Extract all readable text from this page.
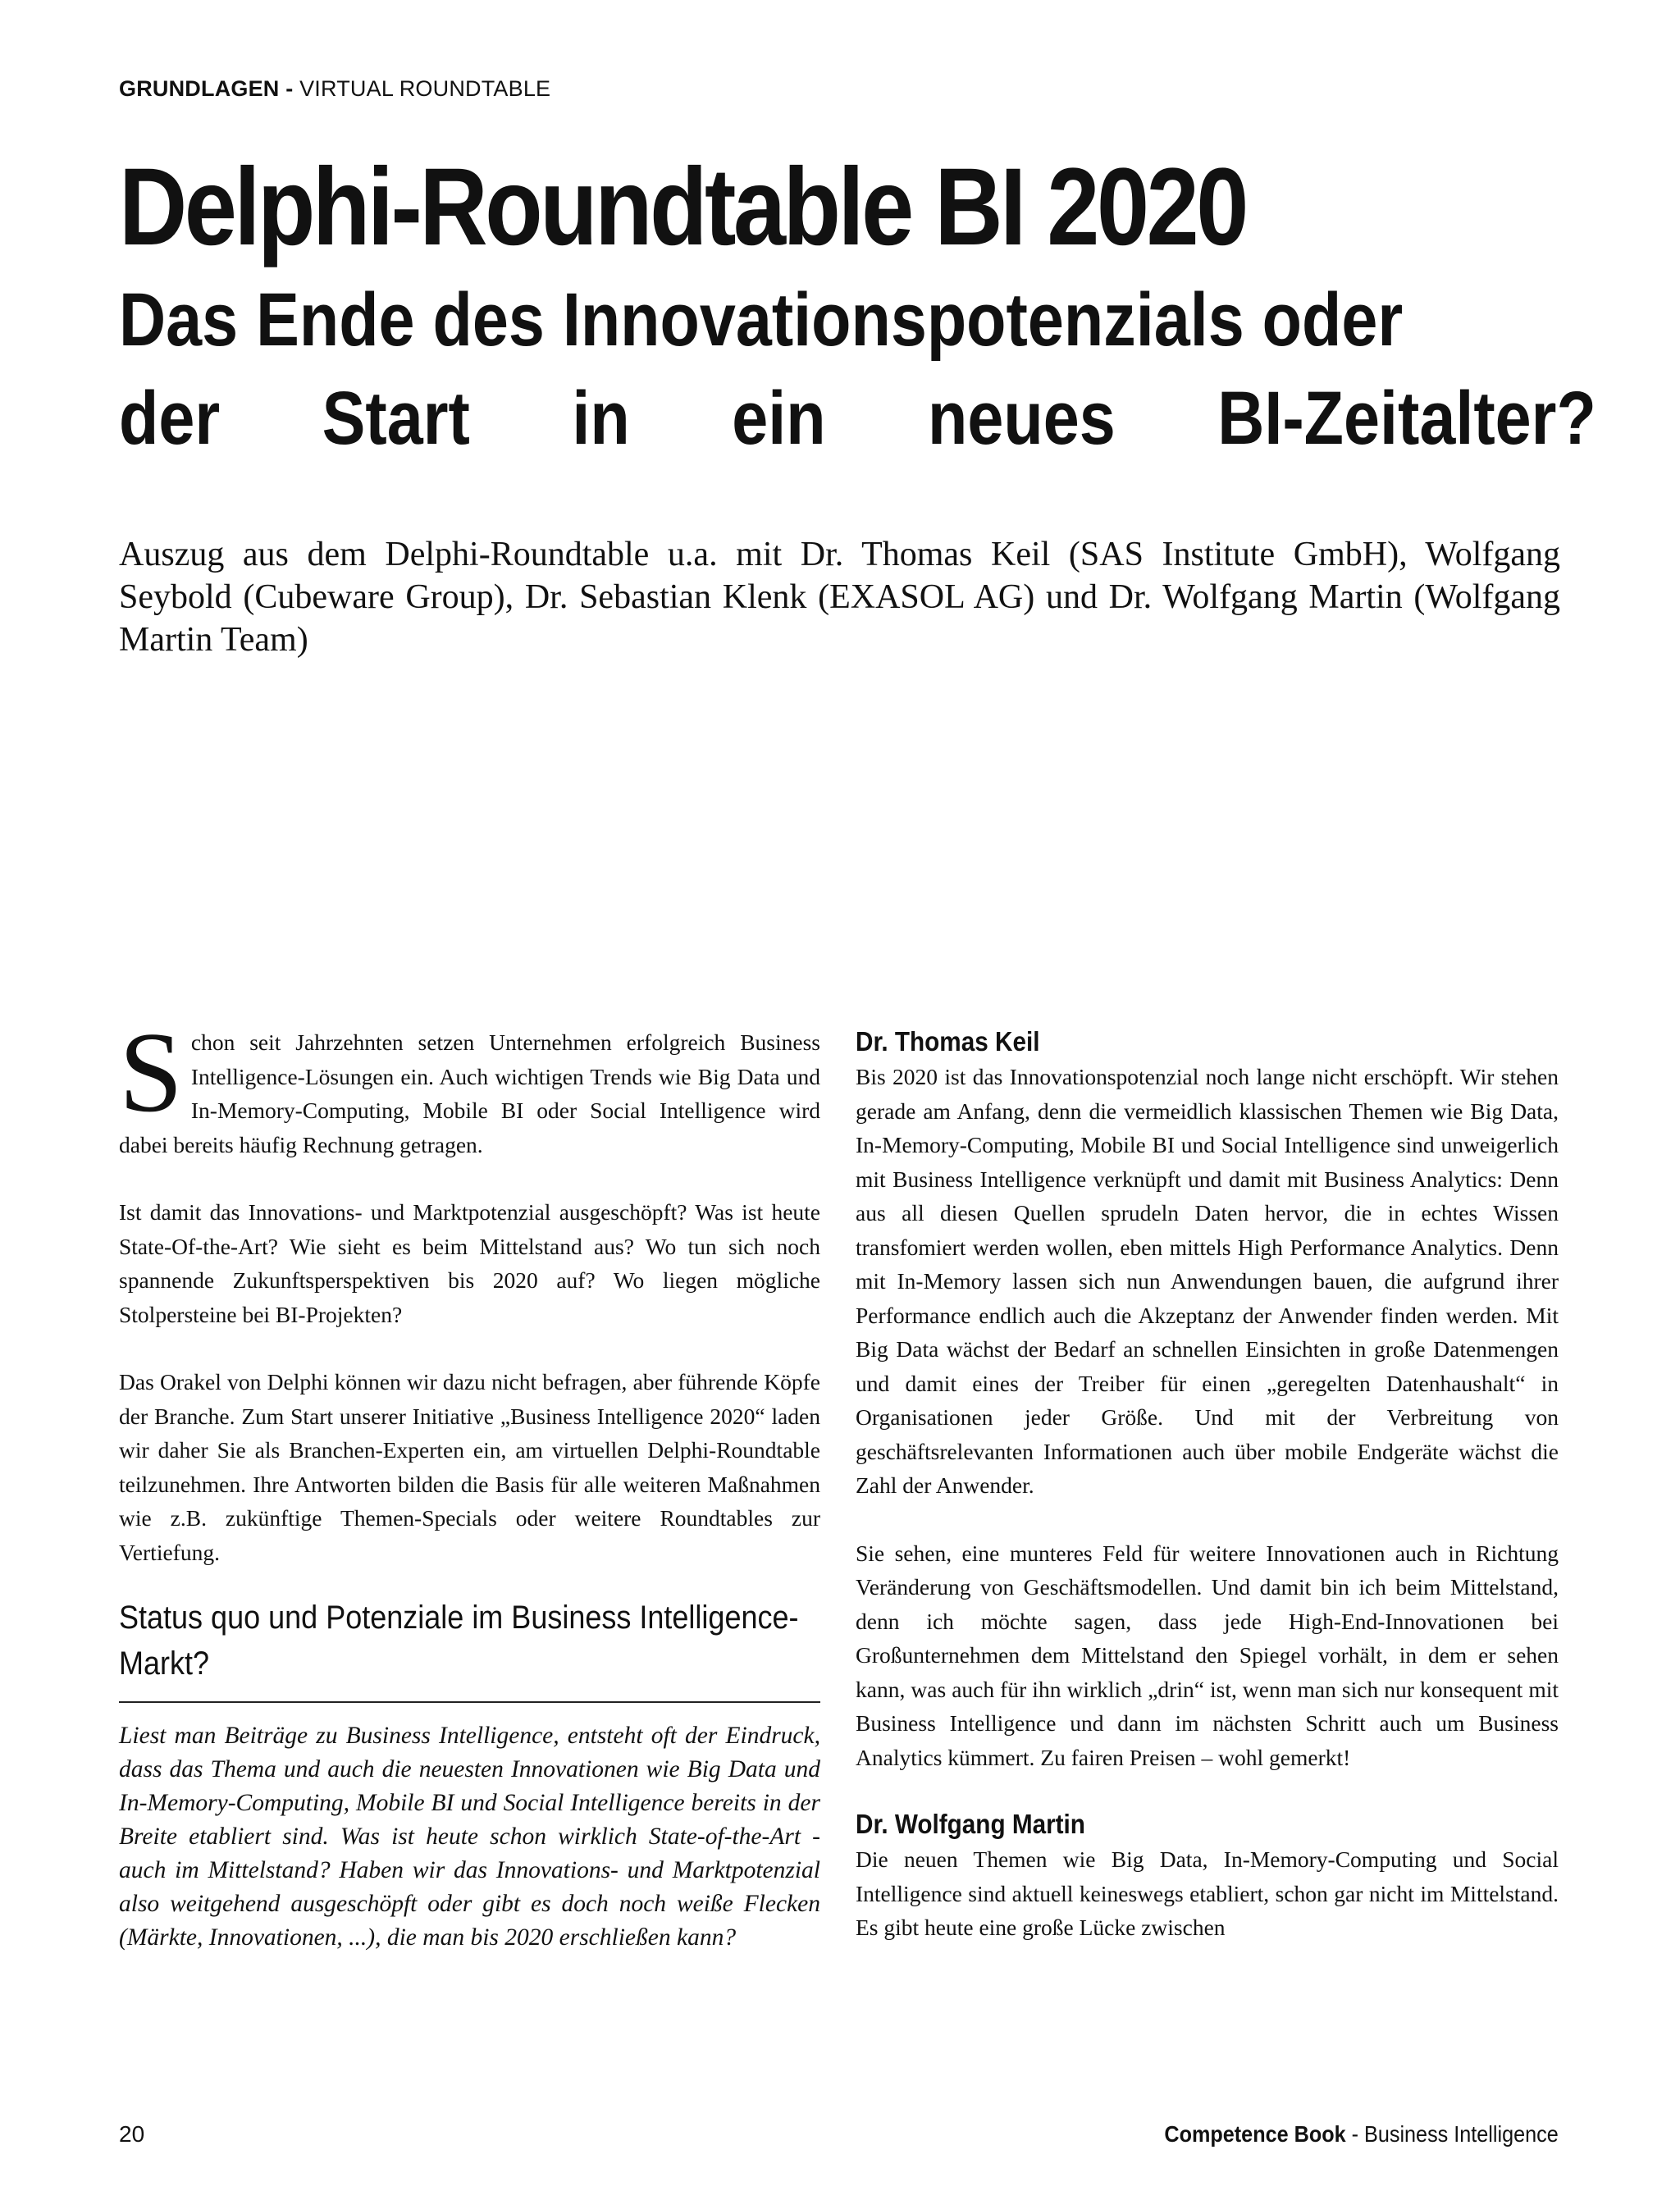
GRUNDLAGEN - VIRTUAL ROUNDTABLE
Delphi-Roundtable BI 2020
Das Ende des Innovationspotenzials oder
der Start in ein neues BI-Zeitalter?

Auszug aus dem Delphi-Roundtable u.a. mit Dr. Thomas Keil (SAS Institute GmbH), Wolfgang Seybold (Cubeware Group), Dr. Sebastian Klenk (EXASOL AG) und Dr. Wolfgang Martin (Wolfgang Martin Team)

Schon seit Jahrzehnten setzen Unternehmen erfolgreich Business Intelligence-Lösungen ein. Auch wichtigen Trends wie Big Data und In-Memory-Computing, Mobile BI oder Social Intelligence wird dabei bereits häufig Rechnung getragen.

Ist damit das Innovations- und Marktpotenzial ausgeschöpft? Was ist heute State-Of-the-Art? Wie sieht es beim Mittelstand aus? Wo tun sich noch spannende Zukunftsperspektiven bis 2020 auf? Wo liegen mögliche Stolpersteine bei BI-Projekten?

Das Orakel von Delphi können wir dazu nicht befragen, aber führende Köpfe der Branche. Zum Start unserer Initiative „Business Intelligence 2020“ laden wir daher Sie als Branchen-Experten ein, am virtuellen Delphi-Roundtable teilzunehmen. Ihre Antworten bilden die Basis für alle weiteren Maßnahmen wie z.B. zukünftige Themen-Specials oder weitere Roundtables zur Vertiefung.

Status quo und Potenziale im Business Intelligence-Markt?

Liest man Beiträge zu Business Intelligence, entsteht oft der Eindruck, dass das Thema und auch die neuesten Innovationen wie Big Data und In-Memory-Computing, Mobile BI und Social Intelligence bereits in der Breite etabliert sind. Was ist heute schon wirklich State-of-the-Art - auch im Mittelstand? Haben wir das Innovations- und Marktpotenzial also weitgehend ausgeschöpft oder gibt es doch noch weiße Flecken (Märkte, Innovationen, ...), die man bis 2020 erschließen kann?

Dr. Thomas Keil

Bis 2020 ist das Innovationspotenzial noch lange nicht erschöpft. Wir stehen gerade am Anfang, denn die vermeidlich klassischen Themen wie Big Data, In-Memory-Computing, Mobile BI und Social Intelligence sind unweigerlich mit Business Intelligence verknüpft und damit mit Business Analytics: Denn aus all diesen Quellen sprudeln Daten hervor, die in echtes Wissen transfomiert werden wollen, eben mittels High Performance Analytics. Denn mit In-Memory lassen sich nun Anwendungen bauen, die aufgrund ihrer Performance endlich auch die Akzeptanz der Anwender finden werden. Mit Big Data wächst der Bedarf an schnellen Einsichten in große Datenmengen und damit eines der Treiber für einen „geregelten Datenhaushalt“ in Organisationen jeder Größe. Und mit der Verbreitung von geschäftsrelevanten Informationen auch über mobile Endgeräte wächst die Zahl der Anwender.

Sie sehen, eine munteres Feld für weitere Innovationen auch in Richtung Veränderung von Geschäftsmodellen. Und damit bin ich beim Mittelstand, denn ich möchte sagen, dass jede High-End-Innovationen bei Großunternehmen dem Mittelstand den Spiegel vorhält, in dem er sehen kann, was auch für ihn wirklich „drin“ ist, wenn man sich nur konsequent mit Business Intelligence und dann im nächsten Schritt auch um Business Analytics kümmert. Zu fairen Preisen – wohl gemerkt!

Dr. Wolfgang Martin

Die neuen Themen wie Big Data, In-Memory-Computing und Social Intelligence sind aktuell keineswegs etabliert, schon gar nicht im Mittelstand. Es gibt heute eine große Lücke zwischen

20	Competence Book - Business Intelligence
